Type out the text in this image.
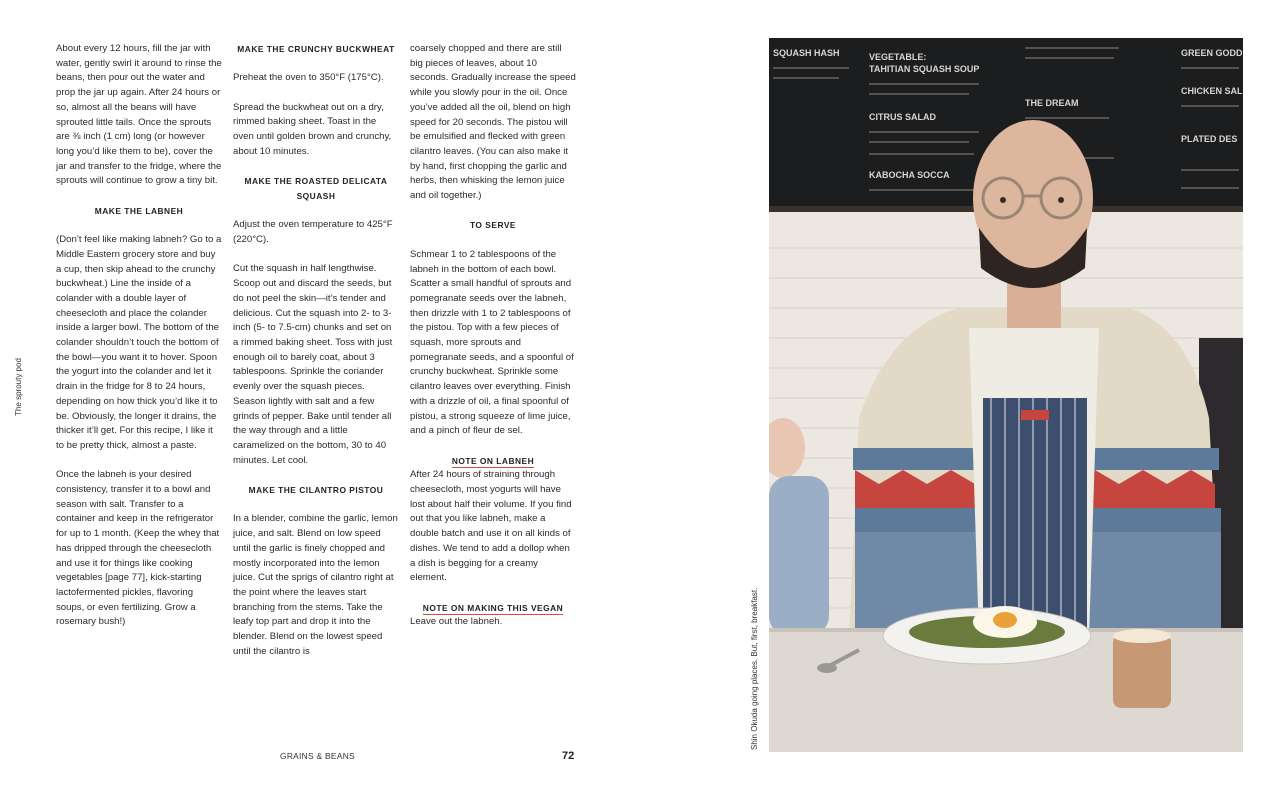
The sprouty pod
About every 12 hours, fill the jar with water, gently swirl it around to rinse the beans, then pour out the water and prop the jar up again. After 24 hours or so, almost all the beans will have sprouted little tails. Once the sprouts are ⅜ inch (1 cm) long (or however long you’d like them to be), cover the jar and transfer to the fridge, where the sprouts will continue to grow a tiny bit.
MAKE THE LABNEH
(Don’t feel like making labneh? Go to a Middle Eastern grocery store and buy a cup, then skip ahead to the crunchy buckwheat.) Line the inside of a colander with a double layer of cheesecloth and place the colander inside a larger bowl. The bottom of the colander shouldn’t touch the bottom of the bowl—you want it to hover. Spoon the yogurt into the colander and let it drain in the fridge for 8 to 24 hours, depending on how thick you’d like it to be. Obviously, the longer it drains, the thicker it’ll get. For this recipe, I like it to be pretty thick, almost a paste.
Once the labneh is your desired consistency, transfer it to a bowl and season with salt. Transfer to a container and keep in the refrigerator for up to 1 month. (Keep the whey that has dripped through the cheesecloth and use it for things like cooking vegetables [page 77], kick-starting lactofermented pickles, flavoring soups, or even fertilizing. Grow a rosemary bush!)
MAKE THE CRUNCHY BUCKWHEAT
Preheat the oven to 350°F (175°C).
Spread the buckwheat out on a dry, rimmed baking sheet. Toast in the oven until golden brown and crunchy, about 10 minutes.
MAKE THE ROASTED DELICATA SQUASH
Adjust the oven temperature to 425°F (220°C).
Cut the squash in half lengthwise. Scoop out and discard the seeds, but do not peel the skin—it’s tender and delicious. Cut the squash into 2- to 3-inch (5- to 7.5-cm) chunks and set on a rimmed baking sheet. Toss with just enough oil to barely coat, about 3 tablespoons. Sprinkle the coriander evenly over the squash pieces. Season lightly with salt and a few grinds of pepper. Bake until tender all the way through and a little caramelized on the bottom, 30 to 40 minutes. Let cool.
MAKE THE CILANTRO PISTOU
In a blender, combine the garlic, lemon juice, and salt. Blend on low speed until the garlic is finely chopped and mostly incorporated into the lemon juice. Cut the sprigs of cilantro right at the point where the leaves start branching from the stems. Take the leafy top part and drop it into the blender. Blend on the lowest speed until the cilantro is
coarsely chopped and there are still big pieces of leaves, about 10 seconds. Gradually increase the speed while you slowly pour in the oil. Once you’ve added all the oil, blend on high speed for 20 seconds. The pistou will be emulsified and flecked with green cilantro leaves. (You can also make it by hand, first chopping the garlic and herbs, then whisking the lemon juice and oil together.)
TO SERVE
Schmear 1 to 2 tablespoons of the labneh in the bottom of each bowl. Scatter a small handful of sprouts and pomegranate seeds over the labneh, then drizzle with 1 to 2 tablespoons of the pistou. Top with a few pieces of squash, more sprouts and pomegranate seeds, and a spoonful of crunchy buckwheat. Sprinkle some cilantro leaves over everything. Finish with a drizzle of oil, a final spoonful of pistou, a strong squeeze of lime juice, and a pinch of fleur de sel.
NOTE ON LABNEH
After 24 hours of straining through cheesecloth, most yogurts will have lost about half their volume. If you find out that you like labneh, make a double batch and use it on all kinds of dishes. We tend to add a dollop when a dish is begging for a creamy element.
NOTE ON MAKING THIS VEGAN
Leave out the labneh.
GRAINS & BEANS	72
Shin Okuda going places. But, first, breakfast.
SQUASH HASH	VEGETABLE:
TAHITIAN SQUASH SOUP
CITRUS SALAD
KABOCHA SOCCA
THE DREAM
GREEN GODD
CHICKEN SAL
PLATED DES
